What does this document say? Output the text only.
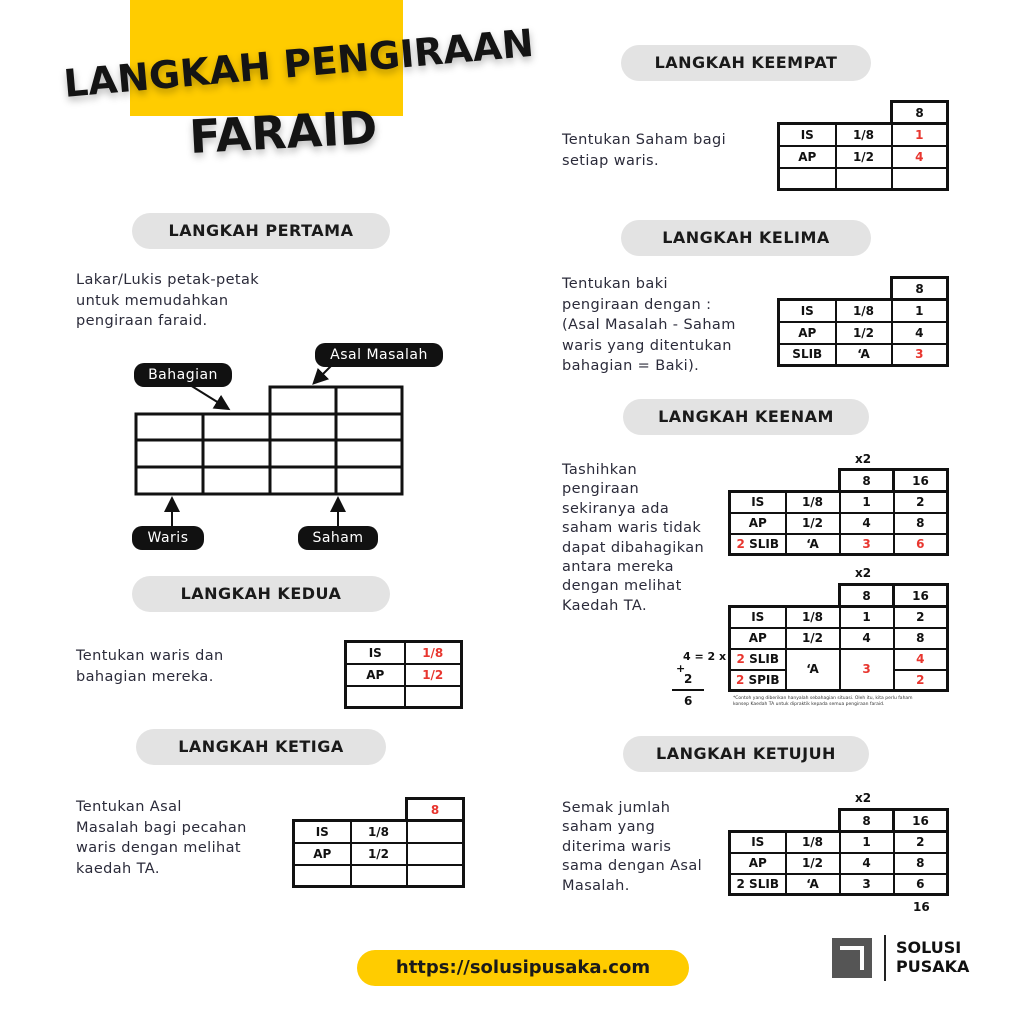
LANGKAH PENGIRAAN
FARAID
LANGKAH PERTAMA
Lakar/Lukis petak-petak
untuk memudahkan
pengiraan faraid.
Bahagian
Asal Masalah
Waris	Saham
LANGKAH KEDUA
Tentukan waris dan
bahagian mereka.
IS	1/8
AP	1/2

LANGKAH KETIGA
Tentukan Asal
Masalah bagi pecahan
waris dengan melihat
kaedah TA.
		8
IS	1/8	
AP	1/2	

LANGKAH KEEMPAT
Tentukan Saham bagi
setiap waris.
		8
IS	1/8	1
AP	1/2	4

LANGKAH KELIMA
Tentukan baki
pengiraan dengan :
(Asal Masalah - Saham
waris yang ditentukan
bahagian = Baki).
		8
IS	1/8	1
AP	1/2	4
SLIB	‘A	3
LANGKAH KEENAM
Tashihkan
pengiraan
sekiranya ada
saham waris tidak
dapat dibahagikan
antara mereka
dengan melihat
Kaedah TA.
x2
		8	16
IS	1/8	1	2
AP	1/2	4	8
2 SLIB	‘A	3	6
x2
		8	16
IS	1/8	1	2
AP	1/2	4	8
2 SLIB	‘A	3	4
2 SPIB			2
4 = 2 x
+
2
6	*Contoh yang diberikan hanyalah sebahagian situasi. Oleh itu, kita perlu faham
konsep Kaedah TA untuk dipraktik kepada semua pengiraan faraid.
LANGKAH KETUJUH
Semak jumlah
saham yang
diterima waris
sama dengan Asal
Masalah.
x2
		8	16
IS	1/8	1	2
AP	1/2	4	8
2 SLIB	‘A	3	6
16
https://solusipusaka.com
SOLUSI
PUSAKA
